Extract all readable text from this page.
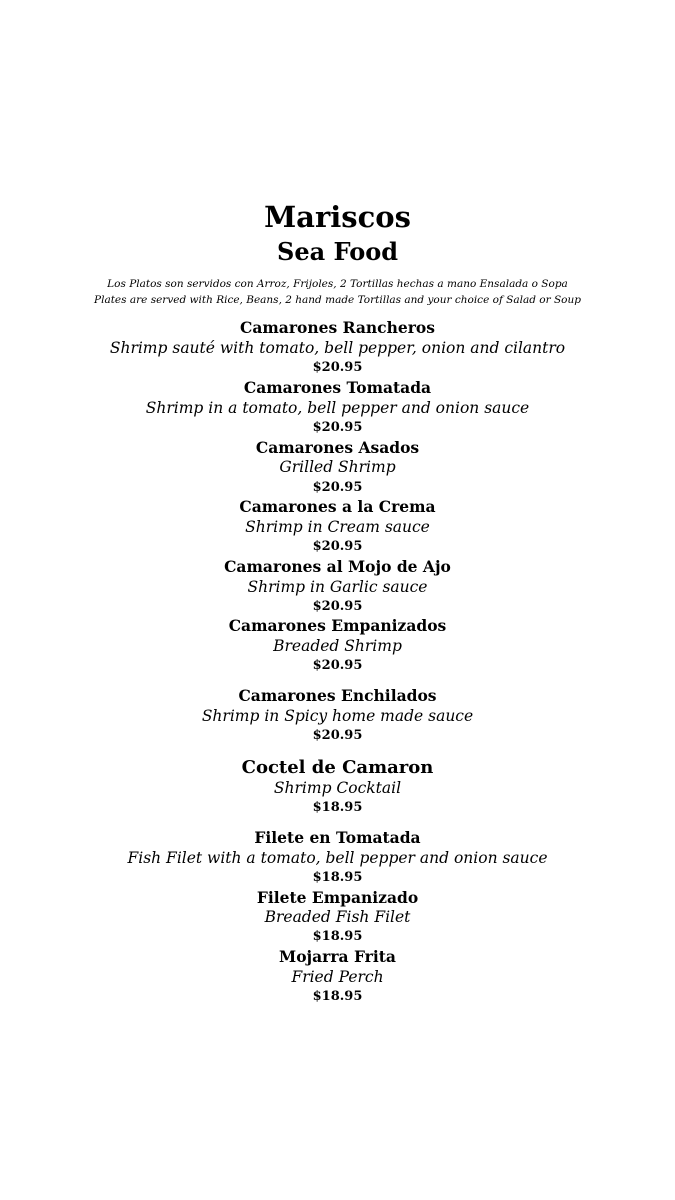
Mariscos
Sea Food
Los Platos son servidos con Arroz, Frijoles, 2 Tortillas hechas a mano Ensalada o Sopa
Plates are served with Rice, Beans, 2 hand made Tortillas and your choice of Salad or Soup
Camarones Rancheros
Shrimp sauté with tomato, bell pepper, onion and cilantro
$20.95
Camarones Tomatada
Shrimp in a tomato, bell pepper and onion sauce
$20.95
Camarones Asados
Grilled Shrimp
$20.95
Camarones a la Crema
Shrimp in Cream sauce
$20.95
Camarones al Mojo de Ajo
Shrimp in Garlic sauce
$20.95
Camarones Empanizados
Breaded Shrimp
$20.95
Camarones Enchilados
Shrimp in Spicy home made sauce
$20.95
Coctel de Camaron
Shrimp Cocktail
$18.95
Filete en Tomatada
Fish Filet with a tomato, bell pepper and onion sauce
$18.95
Filete Empanizado
Breaded Fish Filet
$18.95
Mojarra Frita
Fried Perch
$18.95
